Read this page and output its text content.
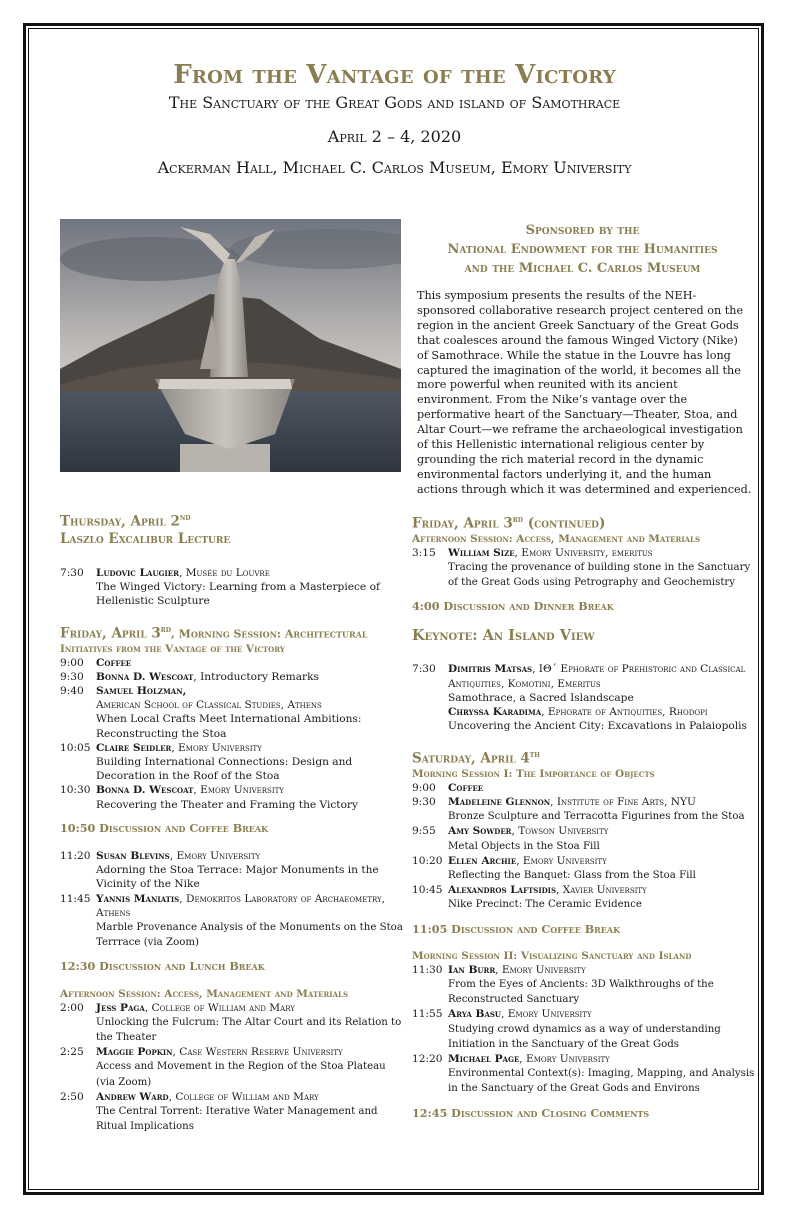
From the Vantage of the Victory
The Sanctuary of the Great Gods and island of Samothrace
April 2 – 4, 2020
Ackerman Hall, Michael C. Carlos Museum, Emory University
Sponsored by the
National Endowment for the Humanities
and the Michael C. Carlos Museum
This symposium presents the results of the NEH-sponsored collaborative research project centered on the region in the ancient Greek Sanctuary of the Great Gods that coalesces around the famous Winged Victory (Nike) of Samothrace. While the statue in the Louvre has long captured the imagination of the world, it becomes all the more powerful when reunited with its ancient environment. From the Nike’s vantage over the performative heart of the Sanctuary—Theater, Stoa, and Altar Court—we reframe the archaeological investigation of this Hellenistic international religious center by grounding the rich material record in the dynamic environmental factors underlying it, and the human actions through which it was determined and experienced.
Thursday, April 2nd
Laszlo Excalibur Lecture
7:30	Ludovic Laugier, Musée du Louvre
The Winged Victory: Learning from a Masterpiece of Hellenistic Sculpture
Friday, April 3rd, Morning Session: Architectural
Initiatives from the Vantage of the Victory
9:00	Coffee
9:30	Bonna D. Wescoat, Introductory Remarks
9:40	Samuel Holzman,
American School of Classical Studies, Athens
When Local Crafts Meet International Ambitions: Reconstructing the Stoa
10:05 Claire Seidler, Emory University
Building International Connections: Design and Decoration in the Roof of the Stoa
10:30 Bonna D. Wescoat, Emory University
Recovering the Theater and Framing the Victory
10:50 Discussion and Coffee Break
11:20 Susan Blevins, Emory University
Adorning the Stoa Terrace: Major Monuments in the Vicinity of the Nike
11:45 Yannis Maniatis, Demokritos Laboratory of Archaeometry, Athens
Marble Provenance Analysis of the Monuments on the Stoa Terrrace (via Zoom)
12:30 Discussion and Lunch Break
Afternoon Session: Access, Management and Materials
2:00	Jess Paga, College of William and Mary
Unlocking the Fulcrum: The Altar Court and its Relation to the Theater
2:25	Maggie Popkin, Case Western Reserve University
Access and Movement in the Region of the Stoa Plateau (via Zoom)
2:50	Andrew Ward, College of William and Mary
The Central Torrent: Iterative Water Management and Ritual Implications
Friday, April 3rd (continued)
Afternoon Session: Access, Management and Materials
3:15	William Size, Emory University, emeritus
Tracing the provenance of building stone in the Sanctuary of the Great Gods using Petrography and Geochemistry
4:00 Discussion and Dinner Break
Keynote: An Island View
7:30	Dimitris Matsas, IΘ΄ Ephorate of Prehistoric and Classical Antiquities, Komotini, Emeritus
Samothrace, a Sacred Islandscape
Chryssa Karadima, Ephorate of Antiquities, Rhodopi
Uncovering the Ancient City: Excavations in Palaiopolis
Saturday, April 4th
Morning Session I: The Importance of Objects
9:00	Coffee
9:30	Madeleine Glennon, Institute of Fine Arts, NYU
Bronze Sculpture and Terracotta Figurines from the Stoa
9:55	Amy Sowder, Towson University
Metal Objects in the Stoa Fill
10:20 Ellen Archie, Emory University
Reflecting the Banquet: Glass from the Stoa Fill
10:45 Alexandros Laftsidis, Xavier University
Nike Precinct: The Ceramic Evidence
11:05 Discussion and Coffee Break
Morning Session II: Visualizing Sanctuary and Island
11:30 Ian Burr, Emory University
From the Eyes of Ancients: 3D Walkthroughs of the Reconstructed Sanctuary
11:55 Arya Basu, Emory University
Studying crowd dynamics as a way of understanding Initiation in the Sanctuary of the Great Gods
12:20 Michael Page, Emory University
Environmental Context(s): Imaging, Mapping, and Analysis in the Sanctuary of the Great Gods and Environs
12:45 Discussion and Closing Comments
